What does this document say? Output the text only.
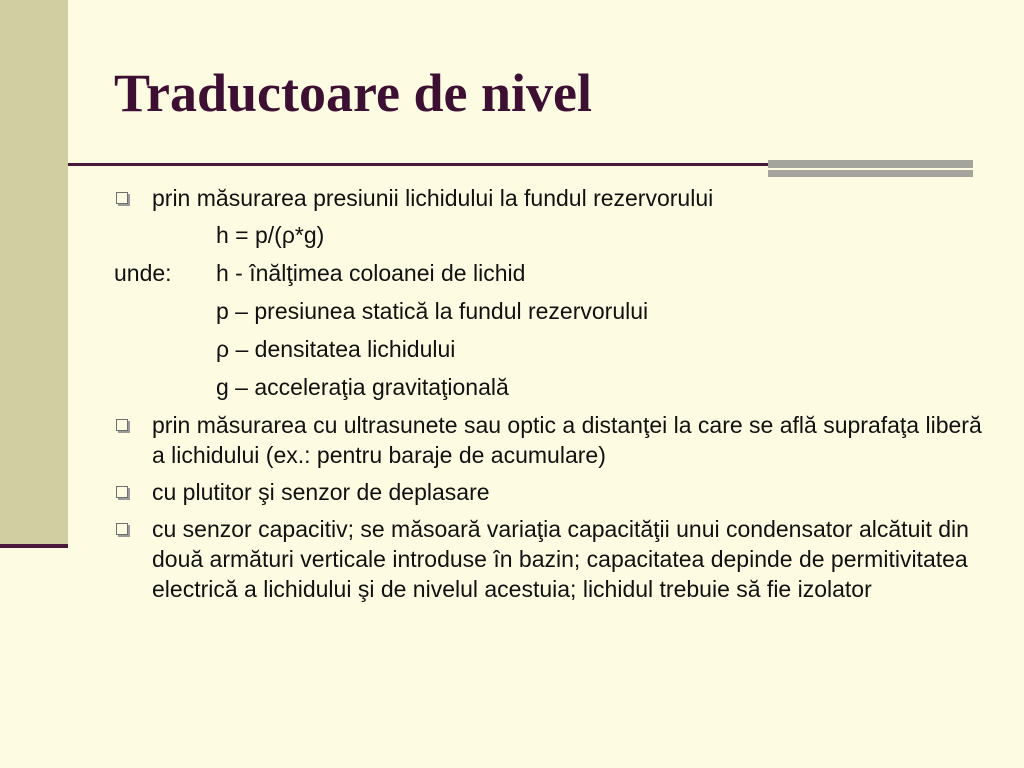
Traductoare de nivel
prin măsurarea presiunii lichidului la fundul rezervorului
h = p/(ρ*g)
unde: h - înălţimea coloanei de lichid
p – presiunea statică la fundul rezervorului
ρ – densitatea lichidului
g – acceleraţia gravitaţională
prin măsurarea cu ultrasunete sau optic a distanţei la care se află suprafaţa liberă a lichidului (ex.: pentru baraje de acumulare)
cu plutitor şi senzor de deplasare
cu senzor capacitiv; se măsoară variaţia capacităţii unui condensator alcătuit din două armături verticale introduse în bazin; capacitatea depinde de permitivitatea electrică a lichidului şi de nivelul acestuia; lichidul trebuie să fie izolator
